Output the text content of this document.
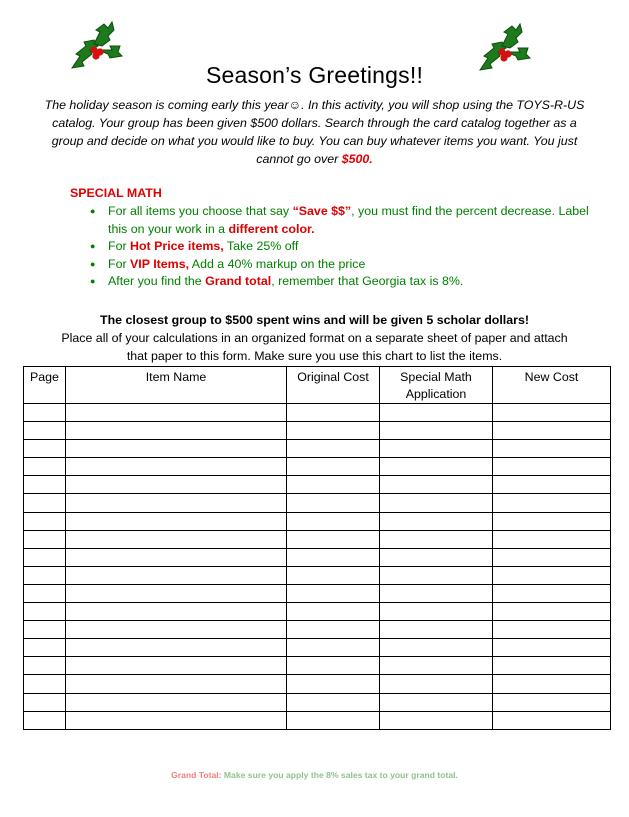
Season’s Greetings!!
The holiday season is coming early this year☺. In this activity, you will shop using the TOYS-R-US catalog. Your group has been given $500 dollars. Search through the card catalog together as a group and decide on what you would like to buy. You can buy whatever items you want. You just cannot go over $500.
SPECIAL MATH
● For all items you choose that say “Save $$”, you must find the percent decrease. Label this on your work in a different color.
● For Hot Price items, Take 25% off
● For VIP Items, Add a 40% markup on the price
● After you find the Grand total, remember that Georgia tax is 8%.
The closest group to $500 spent wins and will be given 5 scholar dollars!
Place all of your calculations in an organized format on a separate sheet of paper and attach that paper to this form. Make sure you use this chart to list the items.
Page	Item Name	Original Cost	Special Math Application	New Cost

Grand Total: Make sure you apply the 8% sales tax to your grand total.
